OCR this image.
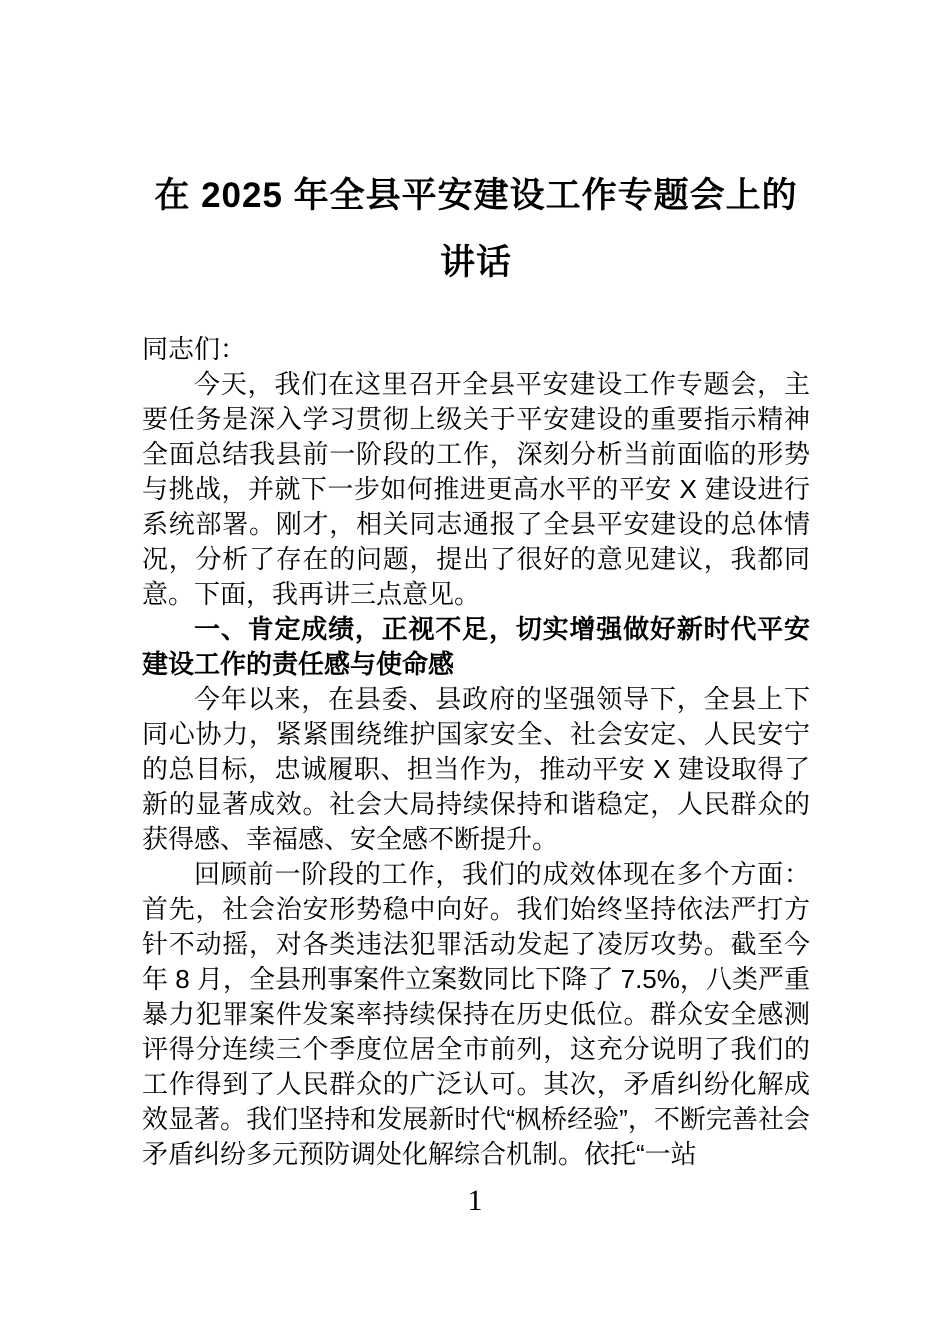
在 2025 年全县平安建设工作专题会上的讲话

同志们：

今天，我们在这里召开全县平安建设工作专题会，主要任务是深入学习贯彻上级关于平安建设的重要指示精神全面总结我县前一阶段的工作，深刻分析当前面临的形势与挑战，并就下一步如何推进更高水平的平安 X 建设进行系统部署。刚才，相关同志通报了全县平安建设的总体情况，分析了存在的问题，提出了很好的意见建议，我都同意。下面，我再讲三点意见。

一、肯定成绩，正视不足，切实增强做好新时代平安建设工作的责任感与使命感

今年以来，在县委、县政府的坚强领导下，全县上下同心协力，紧紧围绕维护国家安全、社会安定、人民安宁的总目标，忠诚履职、担当作为，推动平安 X 建设取得了新的显著成效。社会大局持续保持和谐稳定，人民群众的获得感、幸福感、安全感不断提升。

回顾前一阶段的工作，我们的成效体现在多个方面：首先，社会治安形势稳中向好。我们始终坚持依法严打方针不动摇，对各类违法犯罪活动发起了凌厉攻势。截至今年 8 月，全县刑事案件立案数同比下降了 7.5%，八类严重暴力犯罪案件发案率持续保持在历史低位。群众安全感测评得分连续三个季度位居全市前列，这充分说明了我们的工作得到了人民群众的广泛认可。其次，矛盾纠纷化解成效显著。我们坚持和发展新时代“枫桥经验”，不断完善社会矛盾纠纷多元预防调处化解综合机制。依托“一站

1
